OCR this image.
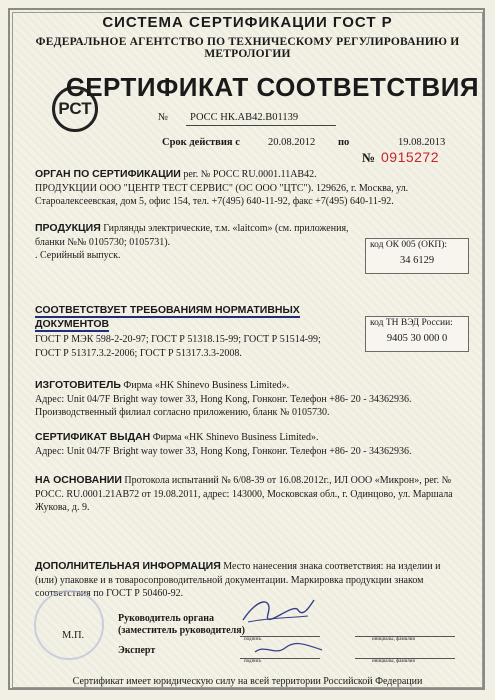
СИСТЕМА СЕРТИФИКАЦИИ ГОСТ Р
ФЕДЕРАЛЬНОЕ АГЕНТСТВО ПО ТЕХНИЧЕСКОМУ РЕГУЛИРОВАНИЮ И МЕТРОЛОГИИ
РСТ
СЕРТИФИКАТ СООТВЕТСТВИЯ
№ РОСС НК.АВ42.В01139
Срок действия с	20.08.2012 по	19.08.2013
№ 0915272

ОРГАН ПО СЕРТИФИКАЦИИ рег. № РОСС RU.0001.11АВ42.

ПРОДУКЦИИ ООО "ЦЕНТР ТЕСТ СЕРВИС" (ОС ООО "ЦТС"). 129626, г. Москва, ул.

Староалексеевская, дом 5, офис 154, тел. +7(495) 640-11-92, факс +7(495) 640-11-92.

ПРОДУКЦИЯ Гирлянды электрические, т.м. «laitcom» (см. приложения,

бланки №№ 0105730; 0105731).

. Серийный выпуск.

код ОК 005 (ОКП):
34 6129

СООТВЕТСТВУЕТ ТРЕБОВАНИЯМ НОРМАТИВНЫХ ДОКУМЕНТОВ

ГОСТ Р МЭК 598-2-20-97; ГОСТ Р 51318.15-99; ГОСТ Р 51514-99;

ГОСТ Р 51317.3.2-2006; ГОСТ Р 51317.3.3-2008.

код ТН ВЭД России:
9405 30 000 0

ИЗГОТОВИТЕЛЬ Фирма «HK Shinevo Business Limited».

Адрес: Unit 04/7F Bright way tower 33, Hong Kong, Гонконг. Телефон +86- 20 - 34362936.

Производственный филиал согласно приложению, бланк № 0105730.

СЕРТИФИКАТ ВЫДАН Фирма «HK Shinevo Business Limited».

Адрес: Unit 04/7F Bright way tower 33, Hong Kong, Гонконг. Телефон +86- 20 - 34362936.

НА ОСНОВАНИИ Протокола испытаний № 6/08-39 от 16.08.2012г., ИЛ ООО «Микрон», рег. №

РОСС. RU.0001.21АВ72 от 19.08.2011, адрес: 143000, Московская обл., г. Одинцово, ул. Маршала

Жукова, д. 9.

ДОПОЛНИТЕЛЬНАЯ ИНФОРМАЦИЯ Место нанесения знака соответствия: на изделии и

(или) упаковке и в товаросопроводительной документации. Маркировка продукции знаком

соответствия по ГОСТ Р 50460-92.

М.П.

Руководитель органа

(заместитель руководителя)

Эксперт

подпись	инициалы, фамилия
подпись	инициалы, фамилия
Сертификат имеет юридическую силу на всей территории Российской Федерации
